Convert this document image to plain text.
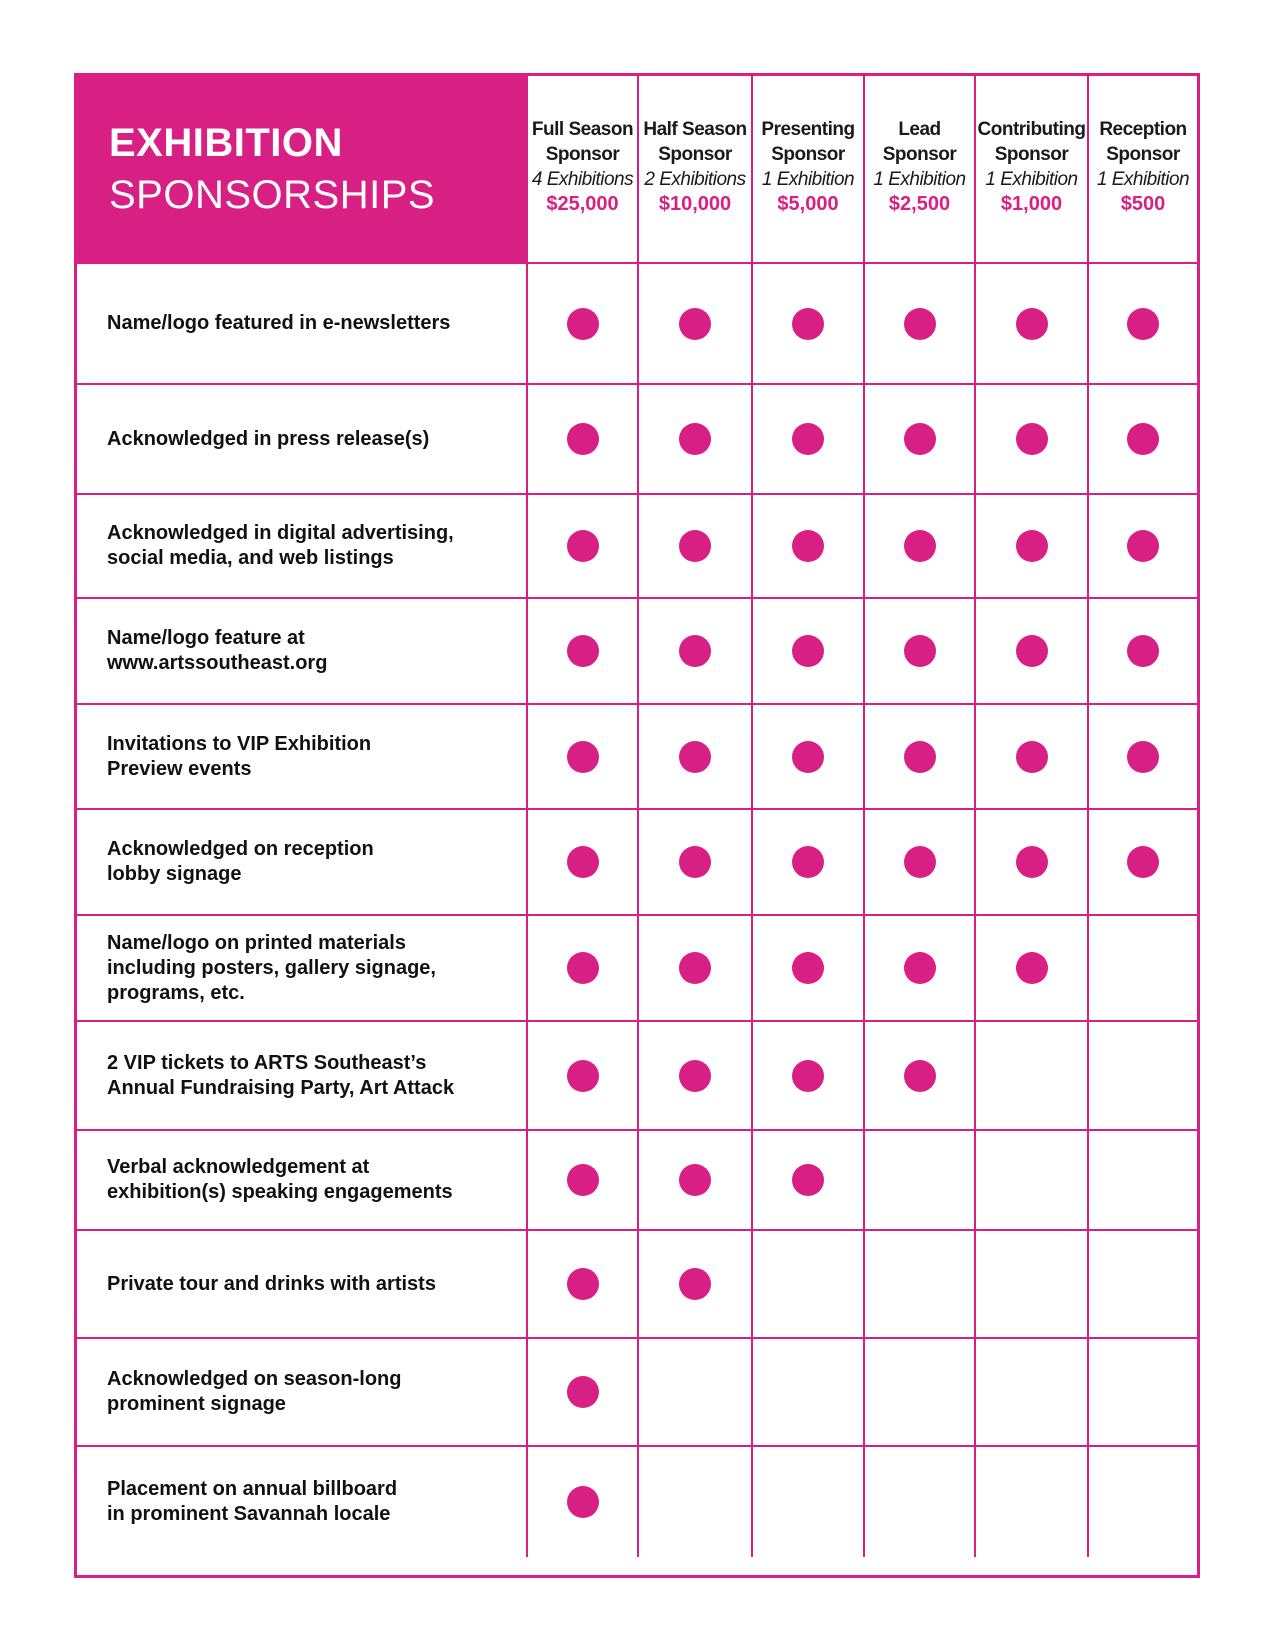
EXHIBITION
SPONSORSHIPS
Full Season
Sponsor
4 Exhibitions
$25,000
Half Season
Sponsor
2 Exhibitions
$10,000
Presenting
Sponsor
1 Exhibition
$5,000
Lead
Sponsor
1 Exhibition
$2,500
Contributing
Sponsor
1 Exhibition
$1,000
Reception
Sponsor
1 Exhibition
$500
Name/logo featured in e-newsletters
Acknowledged in press release(s)
Acknowledged in digital advertising,
social media, and web listings
Name/logo feature at
www.artssoutheast.org
Invitations to VIP Exhibition
Preview events
Acknowledged on reception
lobby signage
Name/logo on printed materials
including posters, gallery signage,
programs, etc.
2 VIP tickets to ARTS Southeast’s
Annual Fundraising Party, Art Attack
Verbal acknowledgement at
exhibition(s) speaking engagements
Private tour and drinks with artists
Acknowledged on season-long
prominent signage
Placement on annual billboard
in prominent Savannah locale
